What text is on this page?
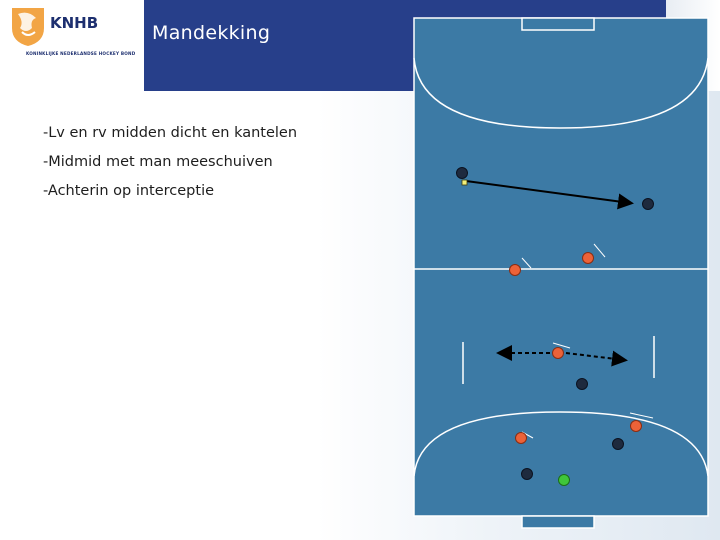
KNHB
KONINKLIJKE NEDERLANDSE HOCKEY BOND
Mandekking
-Lv en rv midden dicht en kantelen
-Midmid met man meeschuiven
-Achterin op interceptie
